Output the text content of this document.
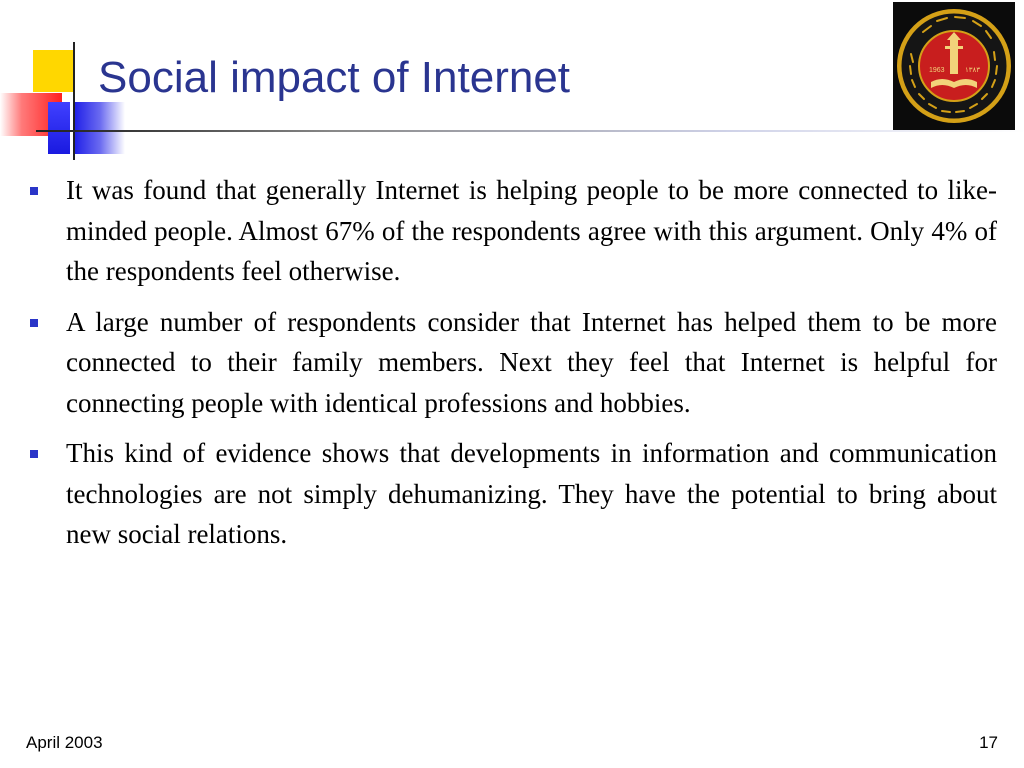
Social impact of Internet	1963	١٣٨٣
It was found that generally Internet is helping people to be more connected to like-minded people. Almost 67% of the respondents agree with this argument. Only 4% of the respondents feel otherwise.
A large number of respondents consider that Internet has helped them to be more connected to their family members. Next they feel that Internet is helpful for connecting people with identical professions and hobbies.
This kind of evidence shows that developments in information and communication technologies are not simply dehumanizing. They have the potential to bring about new social relations.
April 2003	17
